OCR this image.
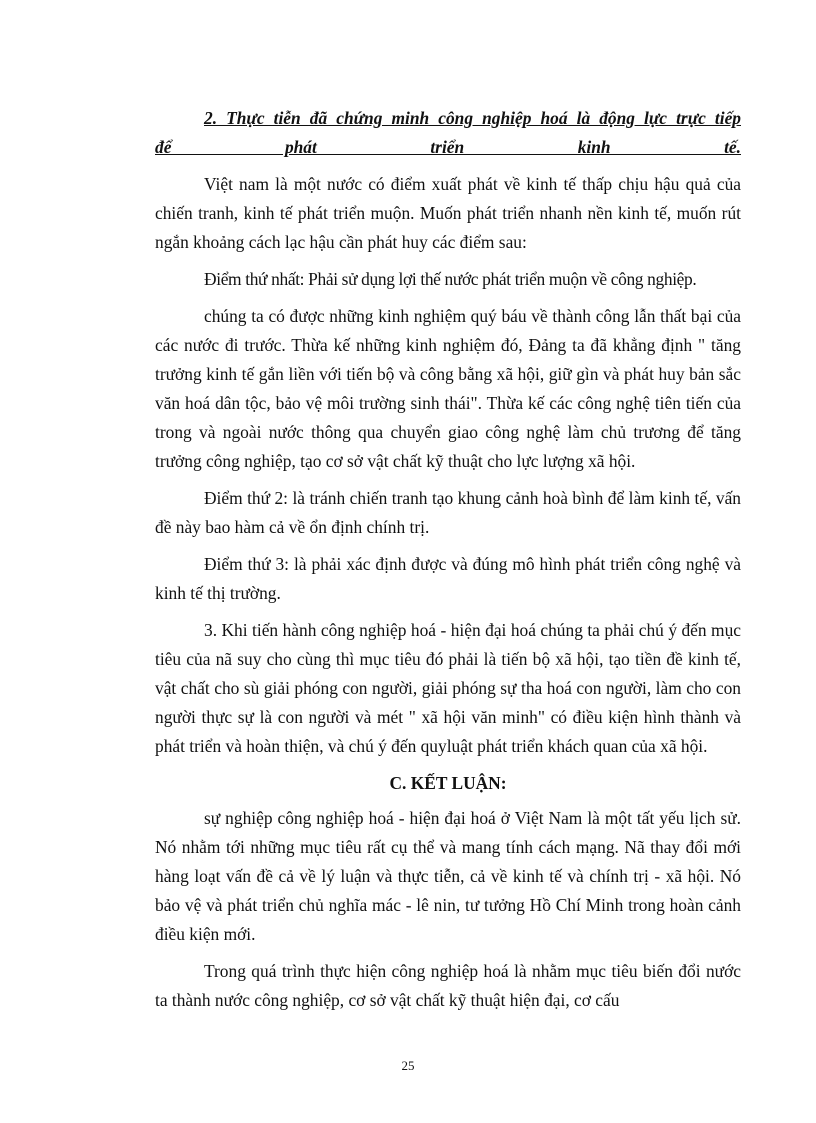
2. Thực tiễn đã chứng minh công nghiệp hoá là động lực trực tiếp

để phát triển kinh tế.

Việt nam là một nước có điểm xuất phát về kinh tế thấp chịu hậu quả của chiến tranh, kinh tế phát triển muộn. Muốn phát triển nhanh nền kinh tế, muốn rút ngắn khoảng cách lạc hậu cần phát huy các điểm sau:

Điểm thứ nhất: Phải sử dụng lợi thế nước phát triển muộn về công nghiệp.

chúng ta có được những kinh nghiệm quý báu về thành công lẫn thất bại của các nước đi trước. Thừa kế những kinh nghiệm đó, Đảng ta đã khẳng định " tăng trưởng kinh tế gắn liền với tiến bộ và công bằng xã hội, giữ gìn và phát huy bản sắc văn hoá dân tộc, bảo vệ môi trường sinh thái". Thừa kế các công nghệ tiên tiến của trong và ngoài nước thông qua chuyển giao công nghệ làm chủ trương để tăng trưởng công nghiệp, tạo cơ sở vật chất kỹ thuật cho lực lượng xã hội.

Điểm thứ 2: là tránh chiến tranh tạo khung cảnh hoà bình để làm kinh tế, vấn đề này bao hàm cả về ổn định chính trị.

Điểm thứ 3: là phải xác định được và đúng mô hình phát triển công nghệ và kinh tế thị trường.

3. Khi tiến hành công nghiệp hoá - hiện đại hoá chúng ta phải chú ý đến mục tiêu của nã suy cho cùng thì mục tiêu đó phải là tiến bộ xã hội, tạo tiền đề kinh tế, vật chất cho sù giải phóng con người, giải phóng sự tha hoá con người, làm cho con người thực sự là con người và mét " xã hội văn minh" có điều kiện hình thành và phát triển và hoàn thiện, và chú ý đến quyluật phát triển khách quan của xã hội.

C. KẾT LUẬN:

sự nghiệp công nghiệp hoá - hiện đại hoá ở Việt Nam là một tất yếu lịch sử. Nó nhằm tới những mục tiêu rất cụ thể và mang tính cách mạng. Nã thay đổi mới hàng loạt vấn đề cả về lý luận và thực tiễn, cả về kinh tế và chính trị - xã hội. Nó bảo vệ và phát triển chủ nghĩa mác - lê nin, tư tưởng Hồ Chí Minh trong hoàn cảnh điều kiện mới.

Trong quá trình thực hiện công nghiệp hoá là nhằm mục tiêu biến đổi nước ta thành nước công nghiệp, cơ sở vật chất kỹ thuật hiện đại, cơ cấu

25
